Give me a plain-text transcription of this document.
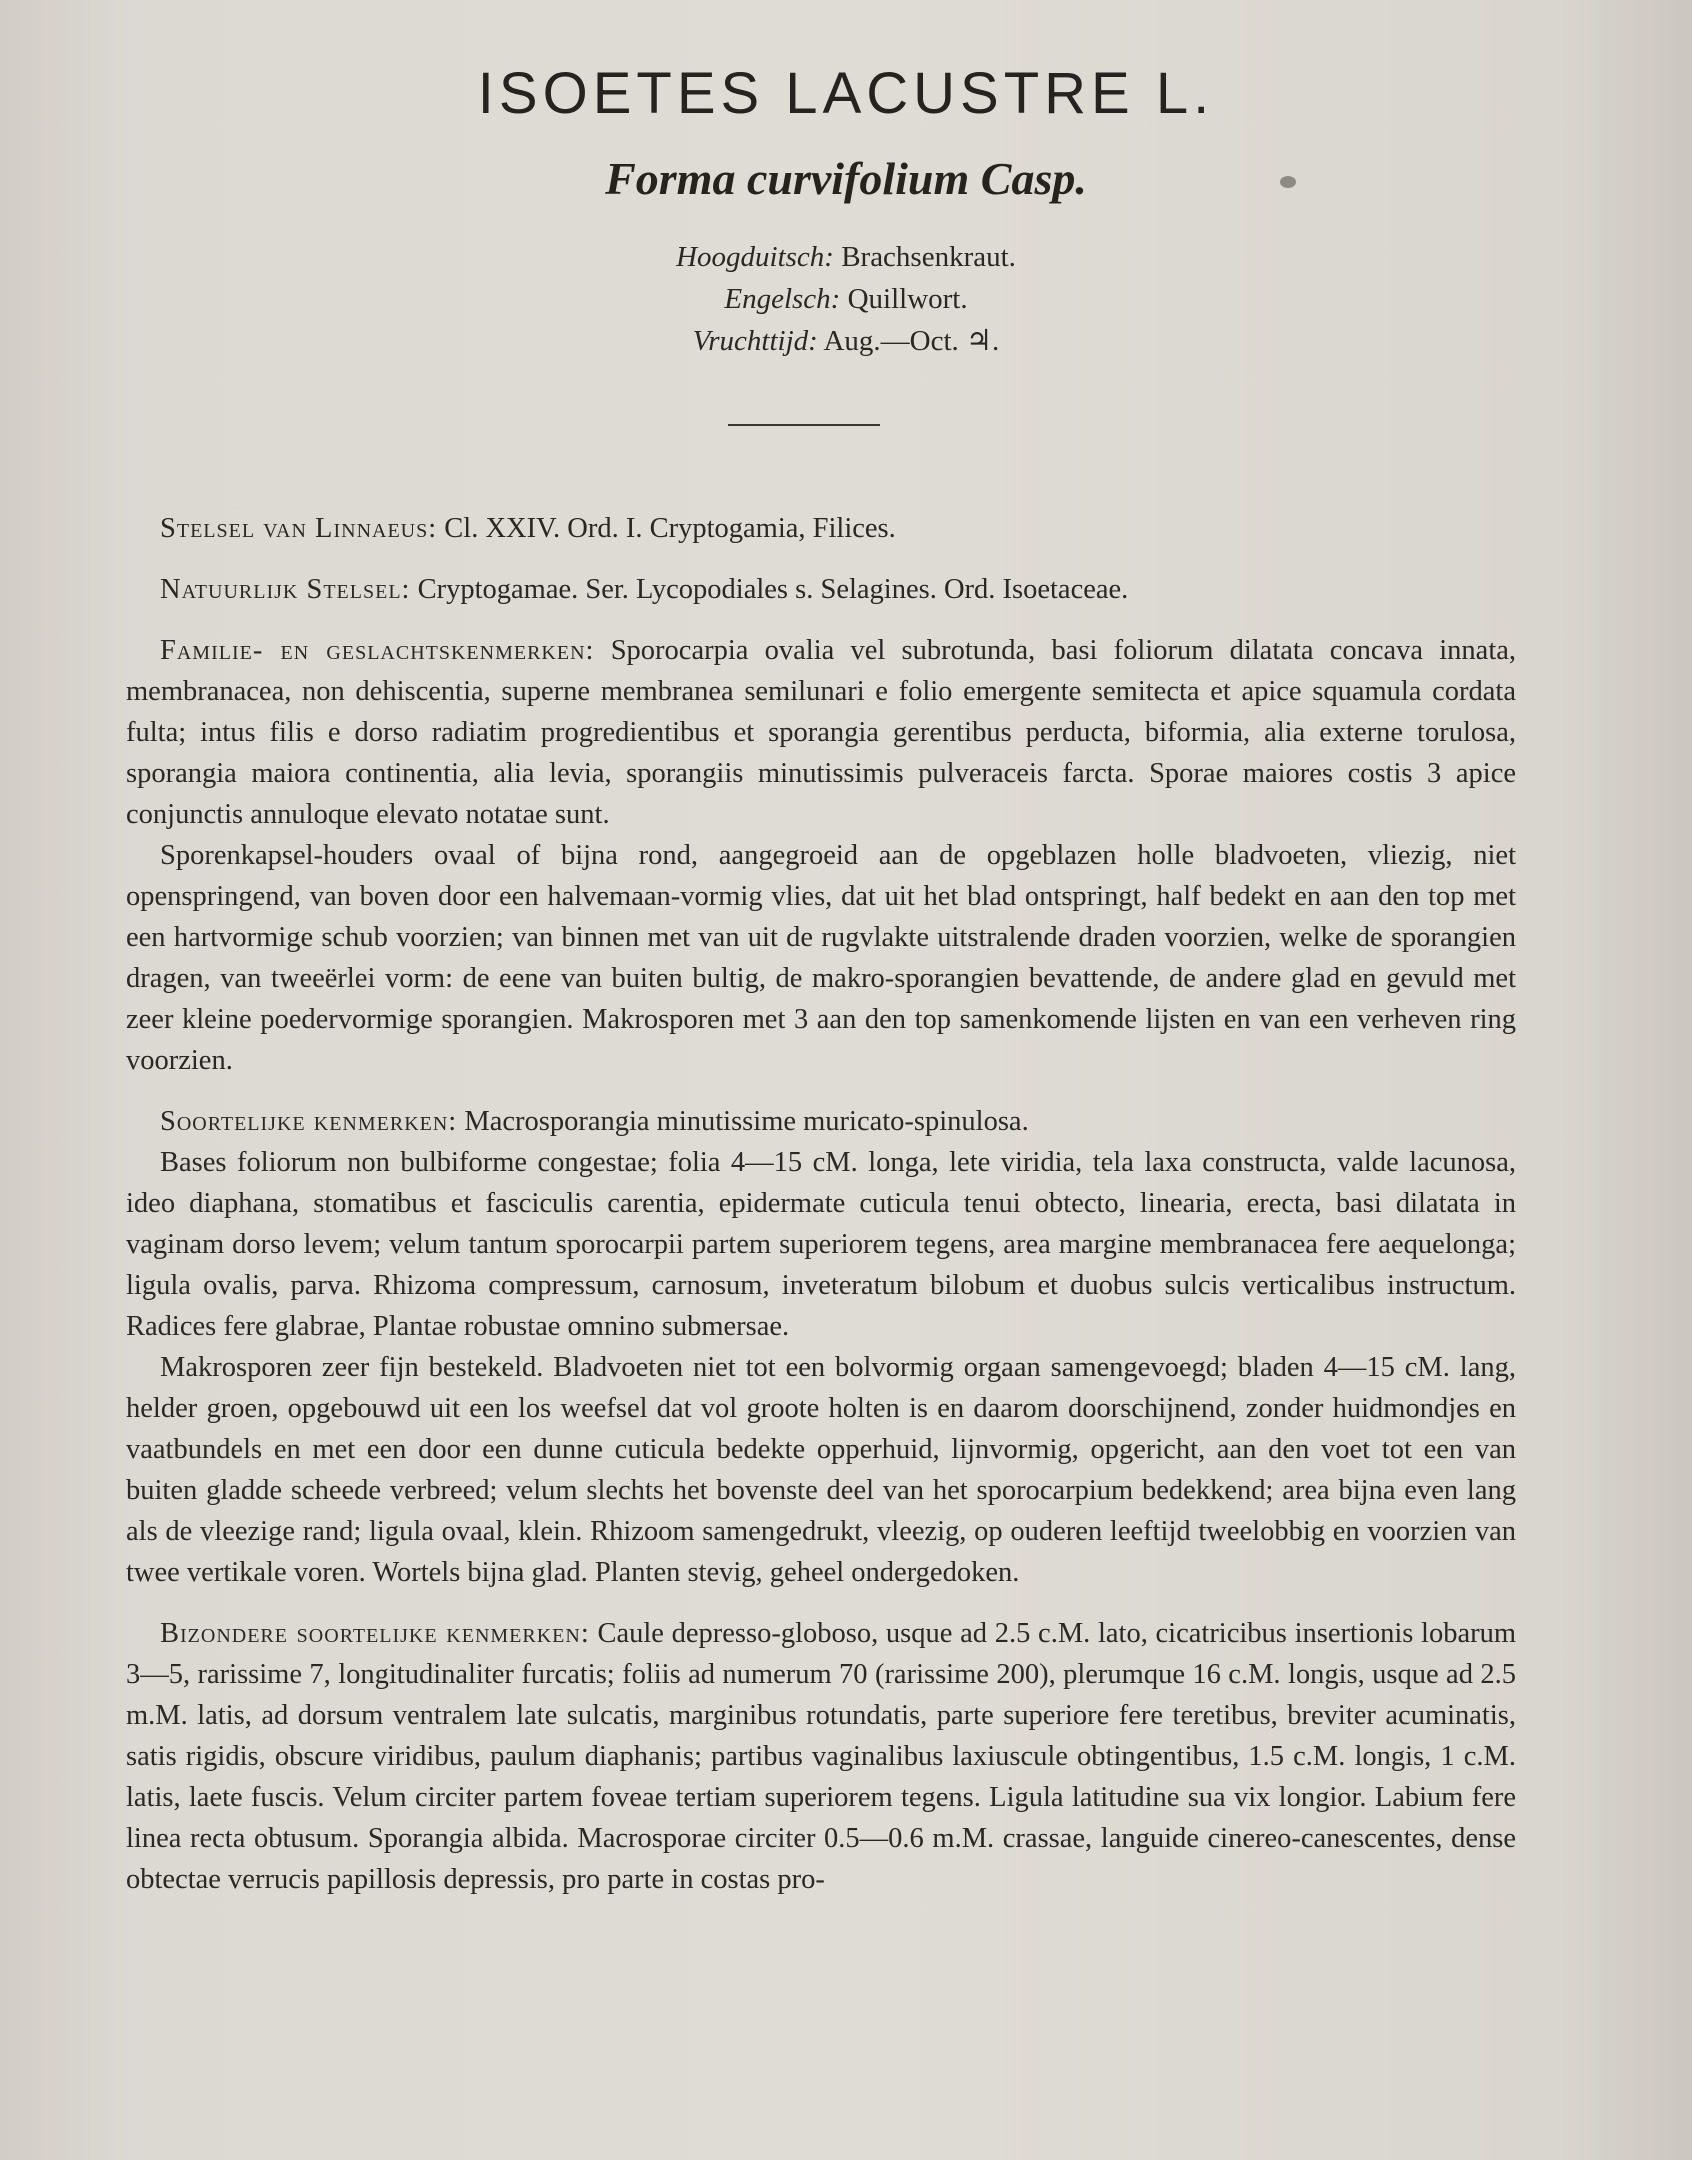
ISOETES LACUSTRE L.
Forma curvifolium Casp.
Hoogduitsch: Brachsenkraut.
Engelsch: Quillwort.
Vruchttijd: Aug.—Oct. ♃.

Stelsel van Linnaeus: Cl. XXIV. Ord. I. Cryptogamia, Filices.

Natuurlijk Stelsel: Cryptogamae. Ser. Lycopodiales s. Selagines. Ord. Isoetaceae.

Familie- en geslachtskenmerken: Sporocarpia ovalia vel subrotunda, basi foliorum dilatata concava innata, membranacea, non dehiscentia, superne membranea semilunari e folio emergente semitecta et apice squamula cordata fulta; intus filis e dorso radiatim progredientibus et sporangia gerentibus perducta, biformia, alia externe torulosa, sporangia maiora continentia, alia levia, sporangiis minutissimis pulveraceis farcta. Sporae maiores costis 3 apice conjunctis annuloque elevato notatae sunt.

Sporenkapsel-houders ovaal of bijna rond, aangegroeid aan de opgeblazen holle bladvoeten, vliezig, niet openspringend, van boven door een halvemaan-vormig vlies, dat uit het blad ontspringt, half bedekt en aan den top met een hartvormige schub voorzien; van binnen met van uit de rugvlakte uitstralende draden voorzien, welke de sporangien dragen, van tweeërlei vorm: de eene van buiten bultig, de makro-sporangien bevattende, de andere glad en gevuld met zeer kleine poedervormige sporangien. Makrosporen met 3 aan den top samenkomende lijsten en van een verheven ring voorzien.

Soortelijke kenmerken: Macrosporangia minutissime muricato-spinulosa.

Bases foliorum non bulbiforme congestae; folia 4—15 cM. longa, lete viridia, tela laxa constructa, valde lacunosa, ideo diaphana, stomatibus et fasciculis carentia, epidermate cuticula tenui obtecto, linearia, erecta, basi dilatata in vaginam dorso levem; velum tantum sporocarpii partem superiorem tegens, area margine membranacea fere aequelonga; ligula ovalis, parva. Rhizoma compressum, carnosum, inveteratum bilobum et duobus sulcis verticalibus instructum. Radices fere glabrae, Plantae robustae omnino submersae.

Makrosporen zeer fijn bestekeld. Bladvoeten niet tot een bolvormig orgaan samengevoegd; bladen 4—15 cM. lang, helder groen, opgebouwd uit een los weefsel dat vol groote holten is en daarom doorschijnend, zonder huidmondjes en vaatbundels en met een door een dunne cuticula bedekte opperhuid, lijnvormig, opgericht, aan den voet tot een van buiten gladde scheede verbreed; velum slechts het bovenste deel van het sporocarpium bedekkend; area bijna even lang als de vleezige rand; ligula ovaal, klein. Rhizoom samengedrukt, vleezig, op ouderen leeftijd tweelobbig en voorzien van twee vertikale voren. Wortels bijna glad. Planten stevig, geheel ondergedoken.

Bizondere soortelijke kenmerken: Caule depresso-globoso, usque ad 2.5 c.M. lato, cicatricibus insertionis lobarum 3—5, rarissime 7, longitudinaliter furcatis; foliis ad numerum 70 (rarissime 200), plerumque 16 c.M. longis, usque ad 2.5 m.M. latis, ad dorsum ventralem late sulcatis, marginibus rotundatis, parte superiore fere teretibus, breviter acuminatis, satis rigidis, obscure viridibus, paulum diaphanis; partibus vaginalibus laxiuscule obtingentibus, 1.5 c.M. longis, 1 c.M. latis, laete fuscis. Velum circiter partem foveae tertiam superiorem tegens. Ligula latitudine sua vix longior. Labium fere linea recta obtusum. Sporangia albida. Macrosporae circiter 0.5—0.6 m.M. crassae, languide cinereo-canescentes, dense obtectae verrucis papillosis depressis, pro parte in costas pro-
